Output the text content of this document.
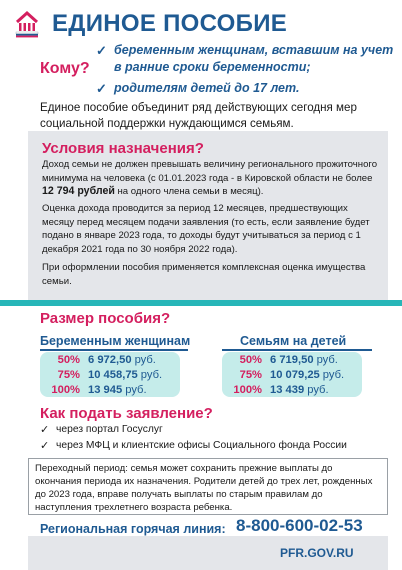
ЕДИНОЕ ПОСОБИЕ
Кому?
✓ беременным женщинам, вставшим на учет в ранние сроки беременности;
✓ родителям детей до 17 лет.
Единое пособие объединит ряд действующих сегодня мер социальной поддержки нуждающимся семьям.
Условия назначения?
Доход семьи не должен превышать величину регионального прожиточного минимума на человека (с 01.01.2023 года - в Кировской области не более 12 794 рублей на одного члена семьи в месяц).
Оценка дохода проводится за период 12 месяцев, предшествующих месяцу перед месяцем подачи заявления (то есть, если заявление будет подано в январе 2023 года, то доходы будут учитываться за период с 1 декабря 2021 года по 30 ноября 2022 года).
При оформлении пособия применяется комплексная оценка имущества семьи.
Размер пособия?
Беременным женщинам
50% 6 972,50 руб.
75% 10 458,75 руб.
100% 13 945 руб.
Семьям на детей
50% 6 719,50 руб.
75% 10 079,25 руб.
100% 13 439 руб.
Как подать заявление?
✓ через портал Госуслуг
✓ через МФЦ и клиентские офисы Социального фонда России
Переходный период: семья может сохранить прежние выплаты до окончания периода их назначения. Родители детей до трех лет, рожденных до 2023 года, вправе получать выплаты по старым правилам до наступления трехлетнего возраста ребенка.
Региональная горячая линия: 8-800-600-02-53
PFR.GOV.RU
